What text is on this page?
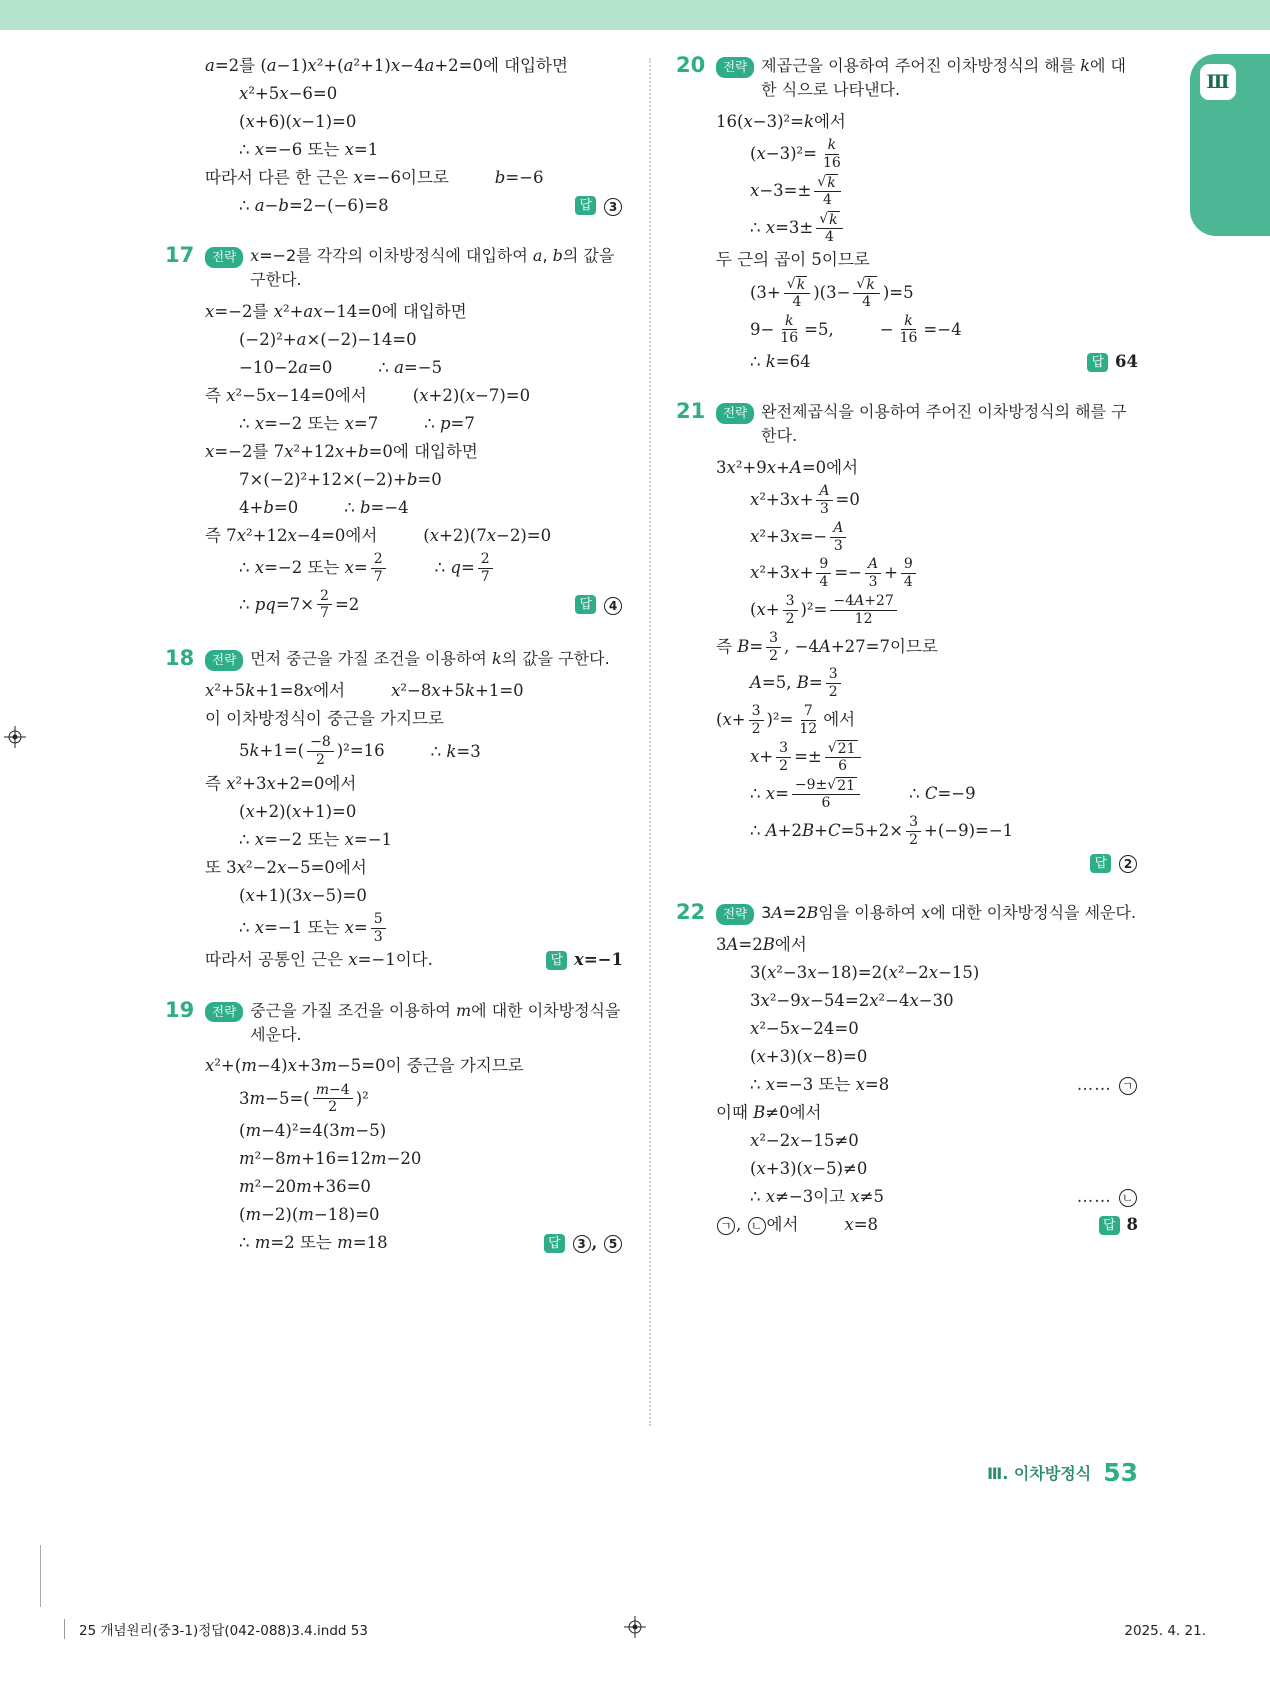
Ⅲ
a=2를 (a−1)x²+(a²+1)x−4a+2=0에 대입하면
x²+5x−6=0
(x+6)(x−1)=0
∴ x=−6 또는 x=1
따라서 다른 한 근은 x=−6이므로	b=−6
∴ a−b=2−(−6)=8	답	3
17	전략 x=−2를 각각의 이차방정식에 대입하여 a, b의 값을 구한다.
x=−2를 x²+ax−14=0에 대입하면
(−2)²+a×(−2)−14=0
−10−2a=0	∴ a=−5
즉 x²−5x−14=0에서	(x+2)(x−7)=0
∴ x=−2 또는 x=7	∴ p=7
x=−2를 7x²+12x+b=0에 대입하면
7×(−2)²+12×(−2)+b=0
4+b=0	∴ b=−4
즉 7x²+12x−4=0에서	(x+2)(7x−2)=0
∴ x=−2 또는 $x= \frac{2}{7}$	∴ $q= \frac{2}{7}$
∴ $pq=7\times \frac{2}{7} =2$	답	4
18	전략 먼저 중근을 가질 조건을 이용하여 k의 값을 구한다.
x²+5k+1=8x에서	x²−8x+5k+1=0
이 이차방정식이 중근을 가지므로
$5k+1=( \frac{-8}{2} )^2=16$	∴ k=3
즉 x²+3x+2=0에서
(x+2)(x+1)=0
∴ x=−2 또는 x=−1
또 3x²−2x−5=0에서
(x+1)(3x−5)=0
∴ x=−1 또는 $x= \frac{5}{3}$
따라서 공통인 근은 x=−1이다.	답 x=−1
19	전략 중근을 가질 조건을 이용하여 m에 대한 이차방정식을 세운다.
x²+(m−4)x+3m−5=0이 중근을 가지므로
$3m-5=( \frac{m -4}{2} )^2$
(m−4)²=4(3m−5)
m²−8m+16=12m−20
m²−20m+36=0
(m−2)(m−18)=0
∴ m=2 또는 m=18	답	3 , 5
20	전략 제곱근을 이용하여 주어진 이차방정식의 해를 k에 대한 식으로 나타낸다.
16(x−3)²=k에서
$(x-3)^2= \frac{k}{16}$
$x-3=\pm \frac{√ k}{4}$
∴ $x=3\pm \frac{√ k}{4}$
두 근의 곱이 5이므로
$(3+ \frac{√ k}{4} )(3- \frac{√ k}{4} )=5$
$9- \frac{k}{16} =5$,	− $\frac{k}{16} =-4$
∴ k=64	답 64
21	전략 완전제곱식을 이용하여 주어진 이차방정식의 해를 구한다.
3x²+9x+A=0에서
$x^2+3x+ \frac{A}{3} =0$
$x^2+3x=- \frac{A}{3}$
$x^2+3x+ \frac{9}{4} =- \frac{A}{3} + \frac{9}{4}$
$(x+ \frac{3}{2} )^2= \frac{-4 A +27}{12}$
즉 $B= \frac{3}{2}$ , −4A+27=7이므로
A=5, $B= \frac{3}{2}$
$(x+ \frac{3}{2} )^2= \frac{7}{12}$ 에서
$x+ \frac{3}{2} =\pm \frac{√ 21}{6}$
∴ $x= \frac{-9\pm √ 21}{6}$	∴ C=−9
∴ $A+2B+C=5+2\times \frac{3}{2} +(-9)=-1$
답	2
22	전략 3A=2B임을 이용하여 x에 대한 이차방정식을 세운다.
3A=2B에서
3(x²−3x−18)=2(x²−2x−15)
3x²−9x−54=2x²−4x−30
x²−5x−24=0
(x+3)(x−8)=0
∴ x=−3 또는 x=8	…… ㄱ
이때 B≠0에서
x²−2x−15≠0
(x+3)(x−5)≠0
∴ x≠−3이고 x≠5	…… ㄴ
ㄱ , ㄴ 에서	x=8	답 8
Ⅲ. 이차방정식 53
25 개념원리(중3-1)정답(042-088)3.4.indd 53	2025. 4. 21.
